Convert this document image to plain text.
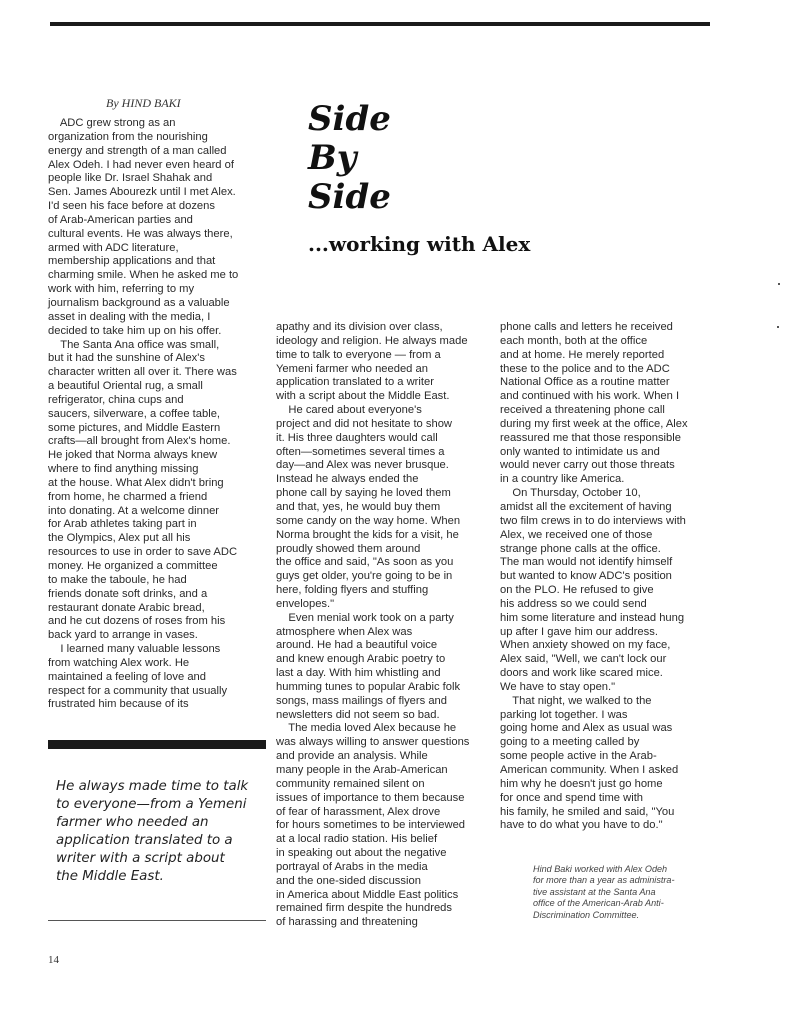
By HIND BAKI	Side
By
Side
...working with Alex
ADC grew strong as an
organization from the nourishing
energy and strength of a man called
Alex Odeh. I had never even heard of
people like Dr. Israel Shahak and
Sen. James Abourezk until I met Alex.
I'd seen his face before at dozens
of Arab-American parties and
cultural events. He was always there,
armed with ADC literature,
membership applications and that
charming smile. When he asked me to
work with him, referring to my
journalism background as a valuable
asset in dealing with the media, I
decided to take him up on his offer.
The Santa Ana office was small,
but it had the sunshine of Alex's
character written all over it. There was
a beautiful Oriental rug, a small
refrigerator, china cups and
saucers, silverware, a coffee table,
some pictures, and Middle Eastern
crafts—all brought from Alex's home.
He joked that Norma always knew
where to find anything missing
at the house. What Alex didn't bring
from home, he charmed a friend
into donating. At a welcome dinner
for Arab athletes taking part in
the Olympics, Alex put all his
resources to use in order to save ADC
money. He organized a committee
to make the taboule, he had
friends donate soft drinks, and a
restaurant donate Arabic bread,
and he cut dozens of roses from his
back yard to arrange in vases.
I learned many valuable lessons
from watching Alex work. He
maintained a feeling of love and
respect for a community that usually
frustrated him because of its
apathy and its division over class,
ideology and religion. He always made
time to talk to everyone — from a
Yemeni farmer who needed an
application translated to a writer
with a script about the Middle East.
He cared about everyone's
project and did not hesitate to show
it. His three daughters would call
often—sometimes several times a
day—and Alex was never brusque.
Instead he always ended the
phone call by saying he loved them
and that, yes, he would buy them
some candy on the way home. When
Norma brought the kids for a visit, he
proudly showed them around
the office and said, "As soon as you
guys get older, you're going to be in
here, folding flyers and stuffing
envelopes."
Even menial work took on a party
atmosphere when Alex was
around. He had a beautiful voice
and knew enough Arabic poetry to
last a day. With him whistling and
humming tunes to popular Arabic folk
songs, mass mailings of flyers and
newsletters did not seem so bad.
The media loved Alex because he
was always willing to answer questions
and provide an analysis. While
many people in the Arab-American
community remained silent on
issues of importance to them because
of fear of harassment, Alex drove
for hours sometimes to be interviewed
at a local radio station. His belief
in speaking out about the negative
portrayal of Arabs in the media
and the one-sided discussion
in America about Middle East politics
remained firm despite the hundreds
of harassing and threatening
phone calls and letters he received
each month, both at the office
and at home. He merely reported
these to the police and to the ADC
National Office as a routine matter
and continued with his work. When I
received a threatening phone call
during my first week at the office, Alex
reassured me that those responsible
only wanted to intimidate us and
would never carry out those threats
in a country like America.
On Thursday, October 10,
amidst all the excitement of having
two film crews in to do interviews with
Alex, we received one of those
strange phone calls at the office.
The man would not identify himself
but wanted to know ADC's position
on the PLO. He refused to give
his address so we could send
him some literature and instead hung
up after I gave him our address.
When anxiety showed on my face,
Alex said, "Well, we can't lock our
doors and work like scared mice.
We have to stay open."
That night, we walked to the
parking lot together. I was
going home and Alex as usual was
going to a meeting called by
some people active in the Arab-
American community. When I asked
him why he doesn't just go home
for once and spend time with
his family, he smiled and said, "You
have to do what you have to do."
He always made time to talk
to everyone—from a Yemeni
farmer who needed an
application translated to a
writer with a script about
the Middle East.	Hind Baki worked with Alex Odeh
for more than a year as administra-
tive assistant at the Santa Ana
office of the American-Arab Anti-
Discrimination Committee.
14
